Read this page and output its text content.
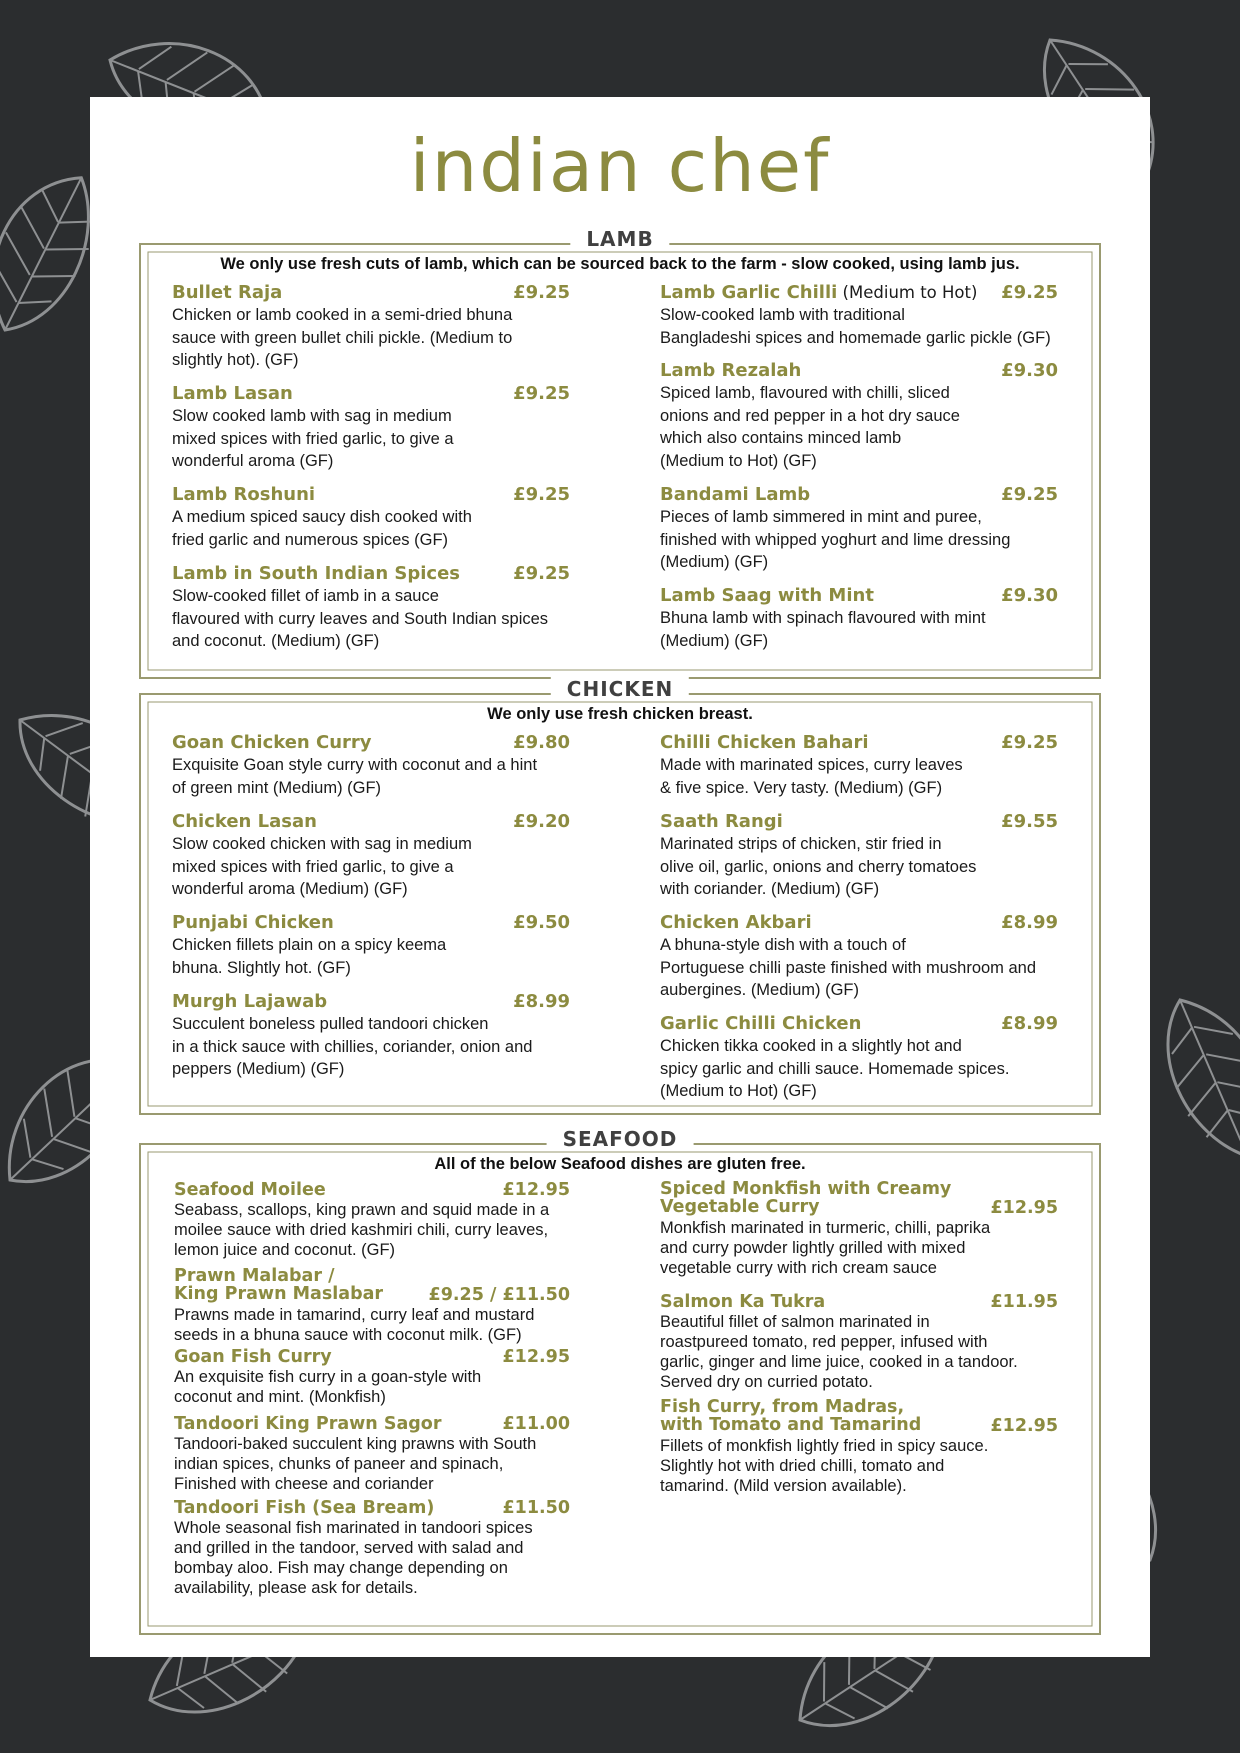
indian chef
LAMB
We only use fresh cuts of lamb, which can be sourced back to the farm - slow cooked, using lamb jus.
Bullet Raja	£9.25
Chicken or lamb cooked in a semi-dried bhuna
sauce with green bullet chili pickle. (Medium to
slightly hot). (GF)
Lamb Lasan	£9.25
Slow cooked lamb with sag in medium
mixed spices with fried garlic, to give a
wonderful aroma (GF)
Lamb Roshuni	£9.25
A medium spiced saucy dish cooked with
fried garlic and numerous spices (GF)
Lamb in South Indian Spices	£9.25
Slow-cooked fillet of iamb in a sauce
flavoured with curry leaves and South Indian spices
and coconut. (Medium) (GF)
Lamb Garlic Chilli (Medium to Hot) £9.25
Slow-cooked lamb with traditional
Bangladeshi spices and homemade garlic pickle (GF)
Lamb Rezalah	£9.30
Spiced lamb, flavoured with chilli, sliced
onions and red pepper in a hot dry sauce
which also contains minced lamb
(Medium to Hot) (GF)
Bandami Lamb	£9.25
Pieces of lamb simmered in mint and puree,
finished with whipped yoghurt and lime dressing
(Medium) (GF)
Lamb Saag with Mint	£9.30
Bhuna lamb with spinach flavoured with mint
(Medium) (GF)
CHICKEN
We only use fresh chicken breast.
Goan Chicken Curry	£9.80
Exquisite Goan style curry with coconut and a hint
of green mint (Medium) (GF)
Chicken Lasan	£9.20
Slow cooked chicken with sag in medium
mixed spices with fried garlic, to give a
wonderful aroma (Medium) (GF)
Punjabi Chicken	£9.50
Chicken fillets plain on a spicy keema
bhuna. Slightly hot. (GF)
Murgh Lajawab	£8.99
Succulent boneless pulled tandoori chicken
in a thick sauce with chillies, coriander, onion and
peppers (Medium) (GF)
Chilli Chicken Bahari	£9.25
Made with marinated spices, curry leaves
& five spice. Very tasty. (Medium) (GF)
Saath Rangi	£9.55
Marinated strips of chicken, stir fried in
olive oil, garlic, onions and cherry tomatoes
with coriander. (Medium) (GF)
Chicken Akbari	£8.99
A bhuna-style dish with a touch of
Portuguese chilli paste finished with mushroom and
aubergines. (Medium) (GF)
Garlic Chilli Chicken	£8.99
Chicken tikka cooked in a slightly hot and
spicy garlic and chilli sauce. Homemade spices.
(Medium to Hot) (GF)
SEAFOOD
All of the below Seafood dishes are gluten free.
Seafood Moilee	£12.95
Seabass, scallops, king prawn and squid made in a
moilee sauce with dried kashmiri chili, curry leaves,
lemon juice and coconut. (GF)
Prawn Malabar /
King Prawn Maslabar	£9.25 / £11.50
Prawns made in tamarind, curry leaf and mustard
seeds in a bhuna sauce with coconut milk. (GF)
Goan Fish Curry	£12.95
An exquisite fish curry in a goan-style with
coconut and mint. (Monkfish)
Tandoori King Prawn Sagor	£11.00
Tandoori-baked succulent king prawns with South
indian spices, chunks of paneer and spinach,
Finished with cheese and coriander
Tandoori Fish (Sea Bream)	£11.50
Whole seasonal fish marinated in tandoori spices
and grilled in the tandoor, served with salad and
bombay aloo. Fish may change depending on
availability, please ask for details.
Spiced Monkfish with Creamy
Vegetable Curry	£12.95
Monkfish marinated in turmeric, chilli, paprika
and curry powder lightly grilled with mixed
vegetable curry with rich cream sauce
Salmon Ka Tukra	£11.95
Beautiful fillet of salmon marinated in
roastpureed tomato, red pepper, infused with
garlic, ginger and lime juice, cooked in a tandoor.
Served dry on curried potato.
Fish Curry, from Madras,
with Tomato and Tamarind	£12.95
Fillets of monkfish lightly fried in spicy sauce.
Slightly hot with dried chilli, tomato and
tamarind. (Mild version available).
